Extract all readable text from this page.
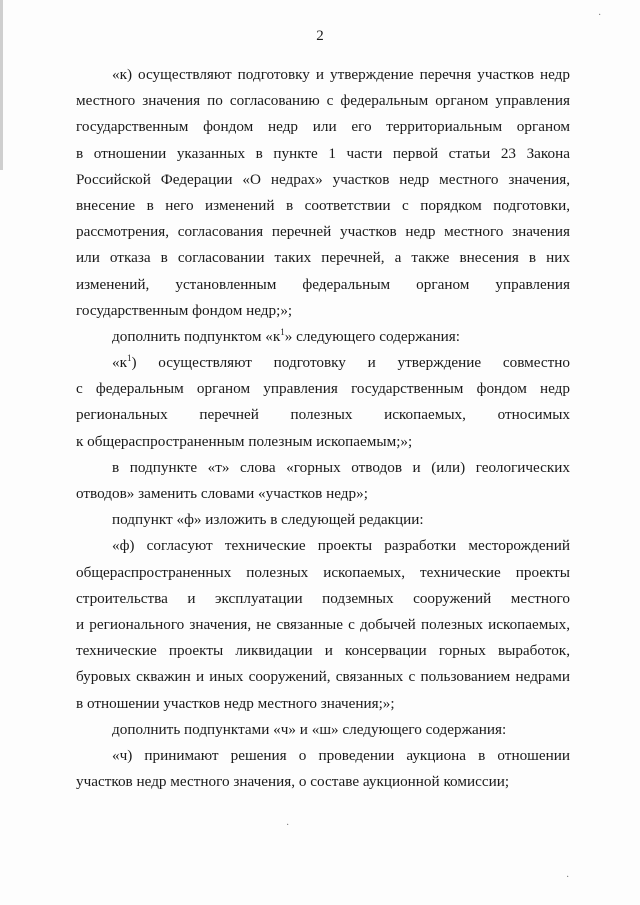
2
«к) осуществляют подготовку и утверждение перечня участков недр
местного значения по согласованию с федеральным органом управления
государственным фондом недр или его территориальным органом
в отношении указанных в пункте 1 части первой статьи 23 Закона
Российской Федерации «О недрах» участков недр местного значения,
внесение в него изменений в соответствии с порядком подготовки,
рассмотрения, согласования перечней участков недр местного значения
или отказа в согласовании таких перечней, а также внесения в них
изменений, установленным федеральным органом управления
государственным фондом недр;»;
дополнить подпунктом «$к^1$» следующего содержания:
«$к^1$) осуществляют подготовку и утверждение совместно
с федеральным органом управления государственным фондом недр
региональных перечней полезных ископаемых, относимых
к общераспространенным полезным ископаемым;»;
в подпункте «т» слова «горных отводов и (или) геологических
отводов» заменить словами «участков недр»;
подпункт «ф» изложить в следующей редакции:
«ф) согласуют технические проекты разработки месторождений
общераспространенных полезных ископаемых, технические проекты
строительства и эксплуатации подземных сооружений местного
и регионального значения, не связанные с добычей полезных ископаемых,
технические проекты ликвидации и консервации горных выработок,
буровых скважин и иных сооружений, связанных с пользованием недрами
в отношении участков недр местного значения;»;
дополнить подпунктами «ч» и «ш» следующего содержания:
«ч) принимают решения о проведении аукциона в отношении
участков недр местного значения, о составе аукционной комиссии;
·
·
·
